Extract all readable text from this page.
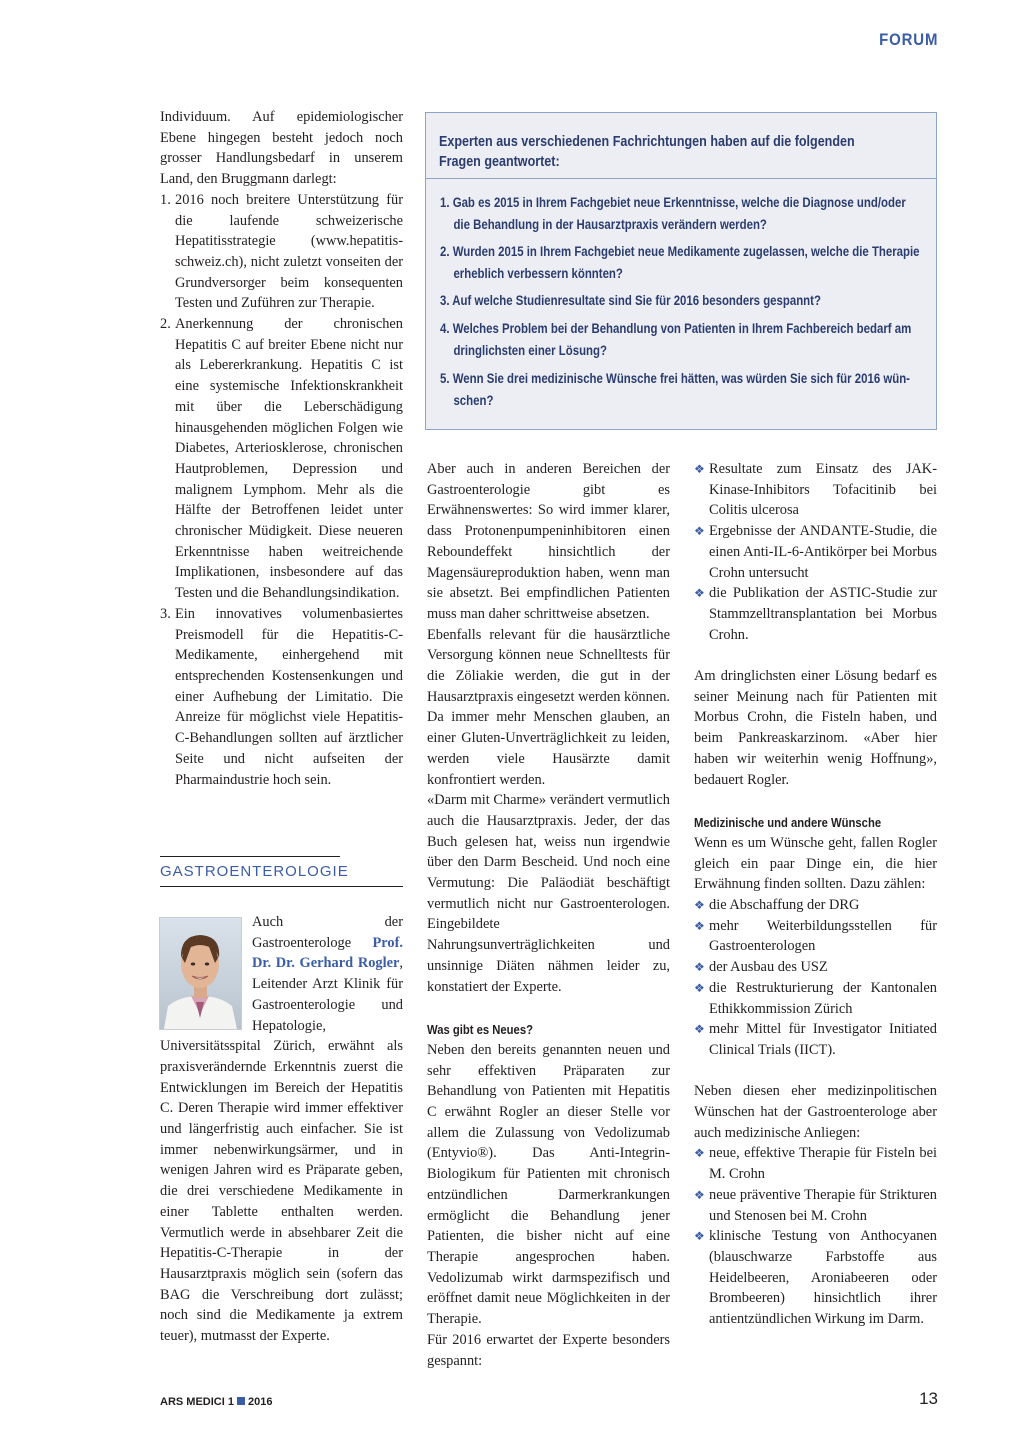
FORUM

Individuum. Auf epidemiologischer Ebene hingegen besteht jedoch noch grosser Handlungsbedarf in unserem Land, den Bruggmann darlegt:

1. 2016 noch breitere Unterstützung für die laufende schweizerische Hepatitisstrategie (www.hepatitis-schweiz.ch), nicht zuletzt vonseiten der Grundversorger beim konsequenten Testen und Zuführen zur Therapie.
2. Anerkennung der chronischen Hepatitis C auf breiter Ebene nicht nur als Lebererkrankung. Hepatitis C ist eine systemische Infektionskrankheit mit über die Leberschädigung hinausgehenden möglichen Folgen wie Diabetes, Arteriosklerose, chronischen Hautproblemen, Depression und malignem Lymphom. Mehr als die Hälfte der Betroffenen leidet unter chronischer Müdigkeit. Diese neueren Erkenntnisse haben weitreichende Implikationen, insbesondere auf das Testen und die Behandlungsindikation.
3. Ein innovatives volumenbasiertes Preismodell für die Hepatitis-C-Medikamente, einhergehend mit entsprechenden Kostensenkungen und einer Aufhebung der Limitatio. Die Anreize für möglichst viele Hepatitis-C-Behandlungen sollten auf ärztlicher Seite und nicht aufseiten der Pharmaindustrie hoch sein.
GASTROENTEROLOGIE
Auch der Gastroenterologe Prof. Dr. Dr. Gerhard Rogler, Leitender Arzt Klinik für Gastroenterologie und Hepatologie, Universitätsspital Zürich, erwähnt als praxisverändernde Erkenntnis zuerst die Entwicklungen im Bereich der Hepatitis C. Deren Therapie wird immer effektiver und längerfristig auch einfacher. Sie ist immer nebenwirkungsärmer, und in wenigen Jahren wird es Präparate geben, die drei verschiedene Medikamente in einer Tablette enthalten werden. Vermutlich werde in absehbarer Zeit die Hepatitis-C-Therapie in der Hausarztpraxis möglich sein (sofern das BAG die Verschreibung dort zulässt; noch sind die Medikamente ja extrem teuer), mutmasst der Experte.
Experten aus verschiedenen Fachrichtungen haben auf die folgenden
Fragen geantwortet:
1. Gab es 2015 in Ihrem Fachgebiet neue Erkenntnisse, welche die Diagnose und/oder
die Behandlung in der Hausarztpraxis verändern werden?
2. Wurden 2015 in Ihrem Fachgebiet neue Medikamente zugelassen, welche die Therapie
erheblich verbessern könnten?
3. Auf welche Studienresultate sind Sie für 2016 besonders gespannt?
4. Welches Problem bei der Behandlung von Patienten in Ihrem Fachbereich bedarf am
dringlichsten einer Lösung?
5. Wenn Sie drei medizinische Wünsche frei hätten, was würden Sie sich für 2016 wün-
schen?

Aber auch in anderen Bereichen der Gastroenterologie gibt es Erwähnenswertes: So wird immer klarer, dass Protonenpumpeninhibitoren einen Reboundeffekt hinsichtlich der Magensäureproduktion haben, wenn man sie absetzt. Bei empfindlichen Patienten muss man daher schrittweise absetzen.

Ebenfalls relevant für die hausärztliche Versorgung können neue Schnelltests für die Zöliakie werden, die gut in der Hausarztpraxis eingesetzt werden können. Da immer mehr Menschen glauben, an einer Gluten-Unverträglichkeit zu leiden, werden viele Hausärzte damit konfrontiert werden.

«Darm mit Charme» verändert vermutlich auch die Hausarztpraxis. Jeder, der das Buch gelesen hat, weiss nun irgendwie über den Darm Bescheid. Und noch eine Vermutung: Die Paläodiät beschäftigt vermutlich nicht nur Gastroenterologen. Eingebildete Nahrungsunverträglichkeiten und unsinnige Diäten nähmen leider zu, konstatiert der Experte.

Was gibt es Neues?

Neben den bereits genannten neuen und sehr effektiven Präparaten zur Behandlung von Patienten mit Hepatitis C erwähnt Rogler an dieser Stelle vor allem die Zulassung von Vedolizumab (Entyvio®). Das Anti-Integrin-Biologikum für Patienten mit chronisch entzündlichen Darmerkrankungen ermöglicht die Behandlung jener Patienten, die bisher nicht auf eine Therapie angesprochen haben. Vedolizumab wirkt darmspezifisch und eröffnet damit neue Möglichkeiten in der Therapie.

Für 2016 erwartet der Experte besonders gespannt:

❖ Resultate zum Einsatz des JAK-Kinase-Inhibitors Tofacitinib bei Colitis ulcerosa
❖ Ergebnisse der ANDANTE-Studie, die einen Anti-IL-6-Antikörper bei Morbus Crohn untersucht
❖ die Publikation der ASTIC-Studie zur Stammzelltransplantation bei Morbus Crohn.

Am dringlichsten einer Lösung bedarf es seiner Meinung nach für Patienten mit Morbus Crohn, die Fisteln haben, und beim Pankreaskarzinom. «Aber hier haben wir weiterhin wenig Hoffnung», bedauert Rogler.

Medizinische und andere Wünsche

Wenn es um Wünsche geht, fallen Rogler gleich ein paar Dinge ein, die hier Erwähnung finden sollten. Dazu zählen:

❖ die Abschaffung der DRG
❖ mehr Weiterbildungsstellen für Gastroenterologen
❖ der Ausbau des USZ
❖ die Restrukturierung der Kantonalen Ethikkommission Zürich
❖ mehr Mittel für Investigator Initiated Clinical Trials (IICT).

Neben diesen eher medizinpolitischen Wünschen hat der Gastroenterologe aber auch medizinische Anliegen:

❖ neue, effektive Therapie für Fisteln bei M. Crohn
❖ neue präventive Therapie für Strikturen und Stenosen bei M. Crohn
❖ klinische Testung von Anthocyanen (blauschwarze Farbstoffe aus Heidelbeeren, Aroniabeeren oder Brombeeren) hinsichtlich ihrer antientzündlichen Wirkung im Darm.
ARS MEDICI 1 2016	13
